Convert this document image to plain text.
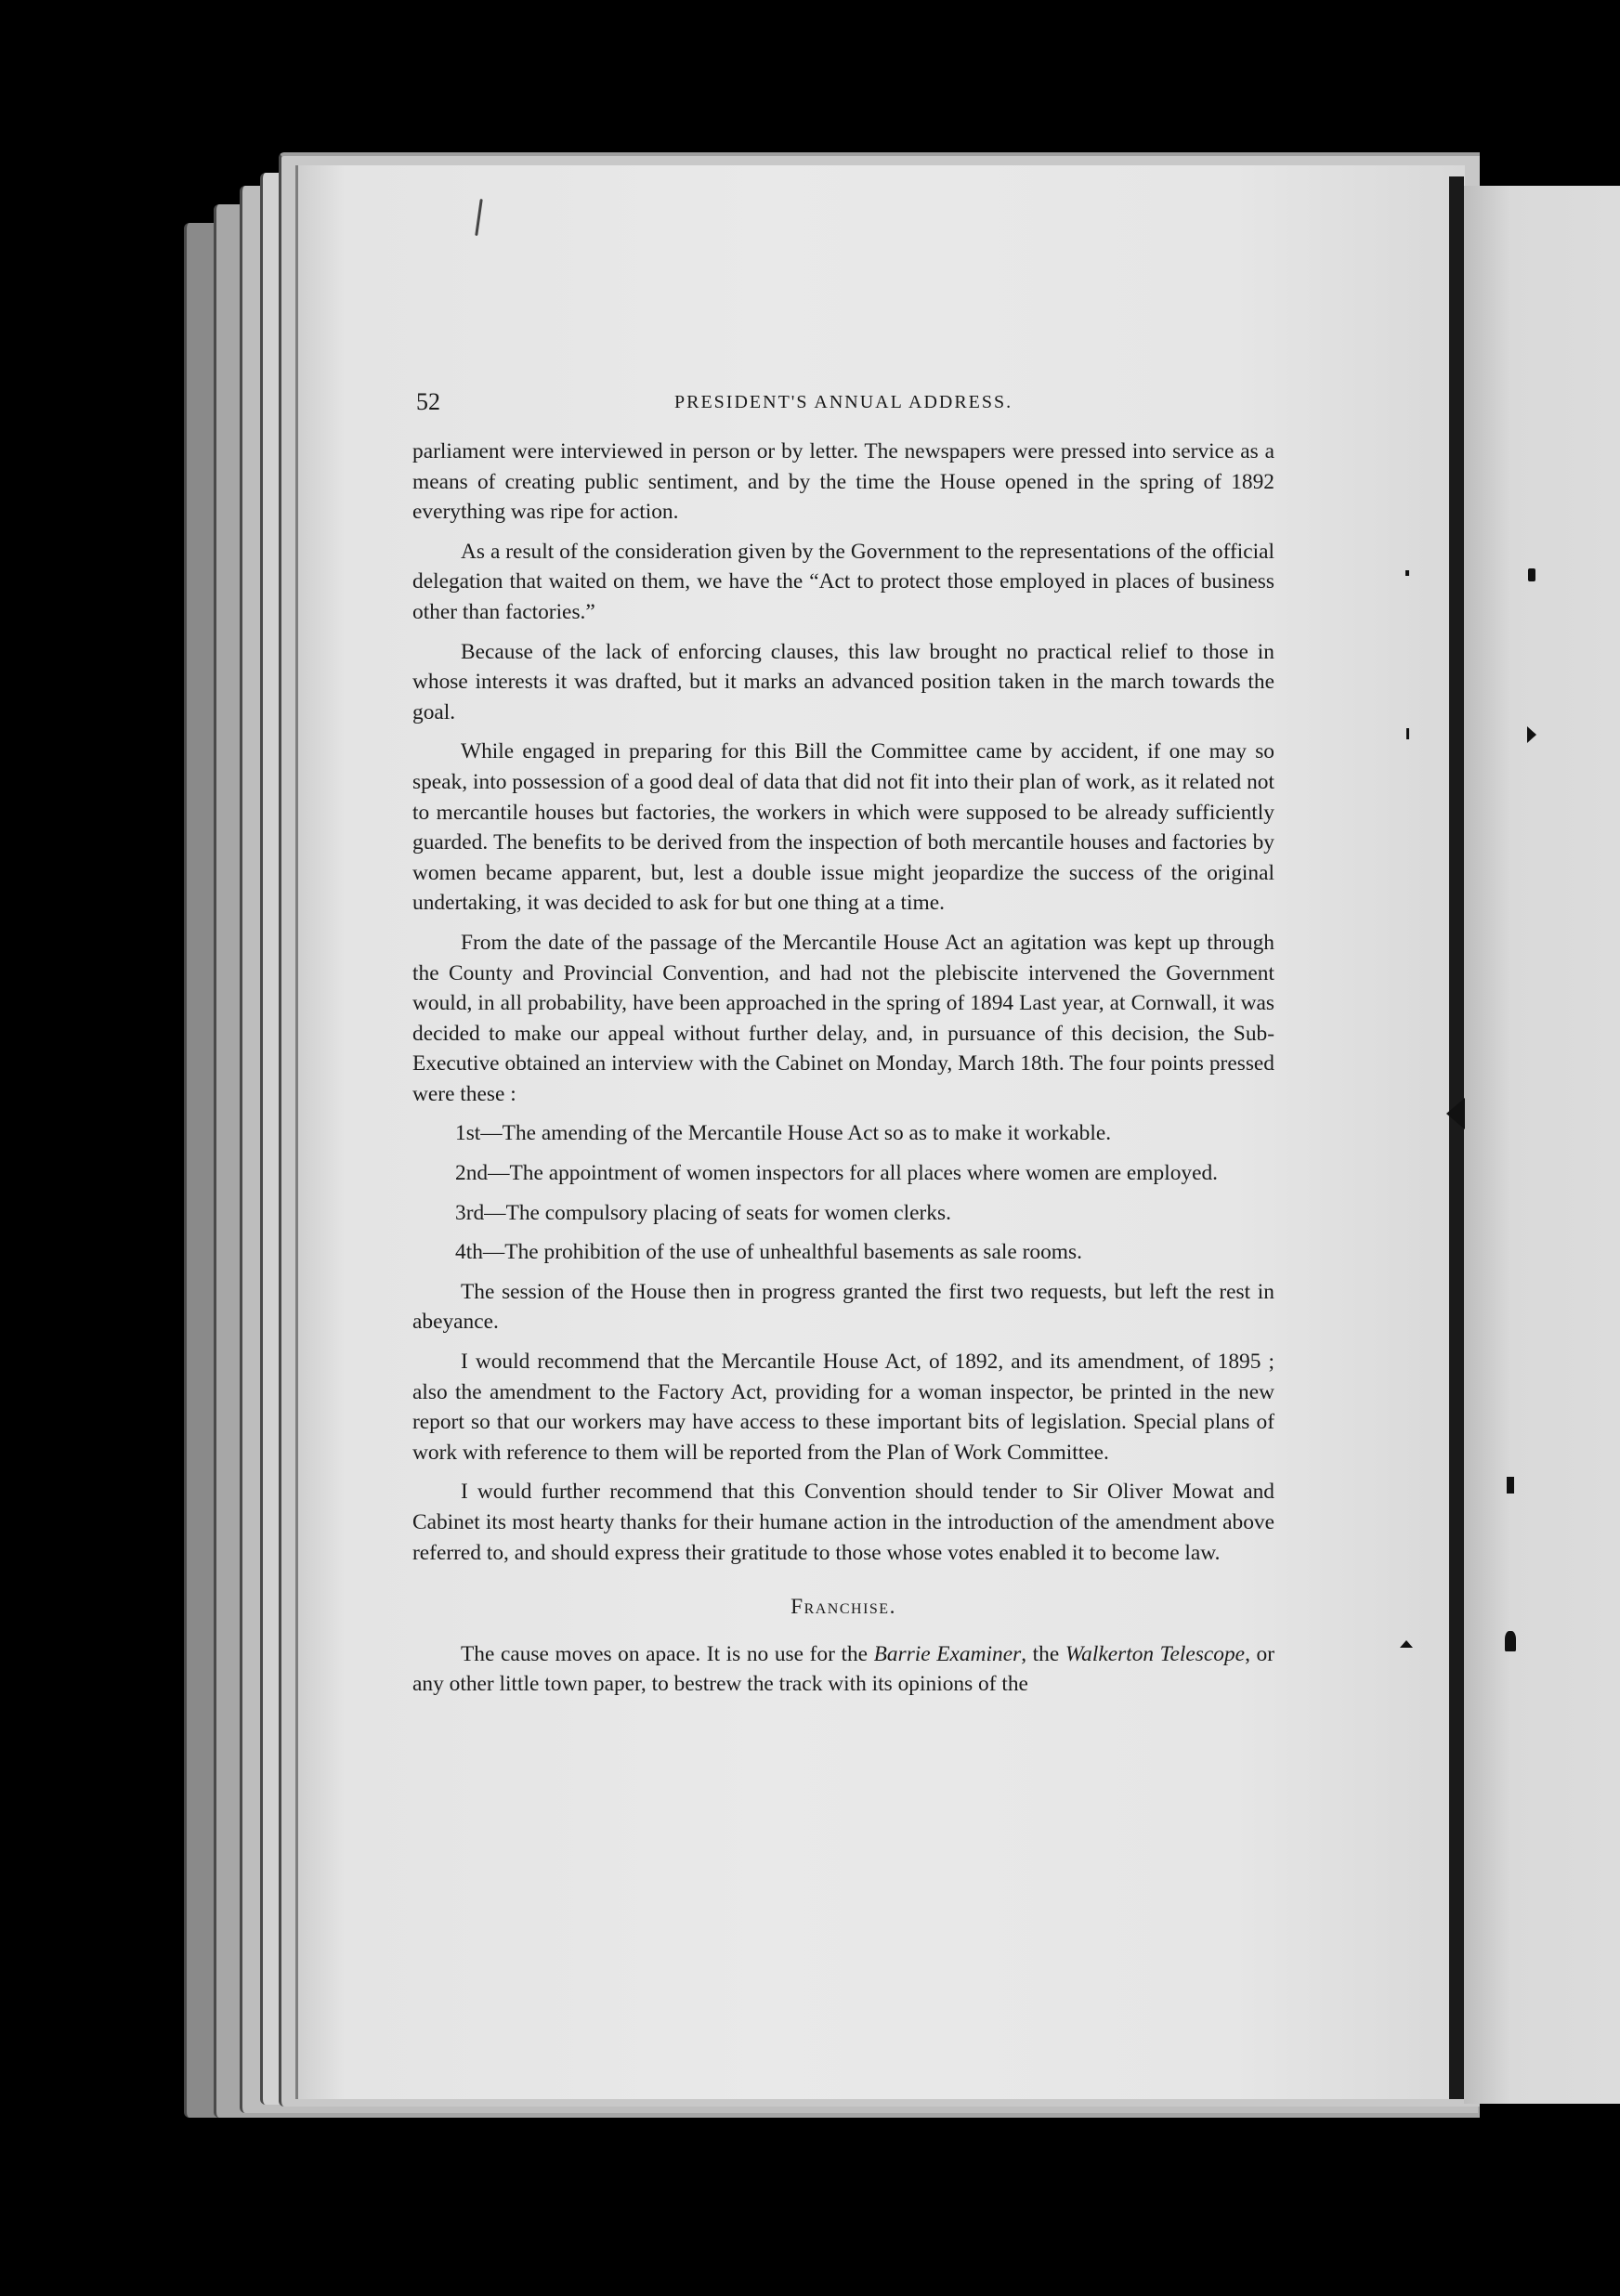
52	PRESIDENT'S ANNUAL ADDRESS.

parliament were interviewed in person or by letter. The newspapers were pressed into service as a means of creating public sentiment, and by the time the House opened in the spring of 1892 everything was ripe for action.

As a result of the consideration given by the Government to the representations of the official delegation that waited on them, we have the “Act to protect those employed in places of business other than factories.”

Because of the lack of enforcing clauses, this law brought no practical relief to those in whose interests it was drafted, but it marks an advanced position taken in the march towards the goal.

While engaged in preparing for this Bill the Committee came by accident, if one may so speak, into possession of a good deal of data that did not fit into their plan of work, as it related not to mercantile houses but factories, the workers in which were supposed to be already sufficiently guarded. The benefits to be derived from the inspection of both mercantile houses and factories by women became apparent, but, lest a double issue might jeopardize the success of the original undertaking, it was decided to ask for but one thing at a time.

From the date of the passage of the Mercantile House Act an agitation was kept up through the County and Provincial Convention, and had not the plebiscite intervened the Government would, in all probability, have been approached in the spring of 1894 Last year, at Cornwall, it was decided to make our appeal without further delay, and, in pursuance of this decision, the Sub-Executive obtained an interview with the Cabinet on Monday, March 18th. The four points pressed were these :

1st—The amending of the Mercantile House Act so as to make it workable.

2nd—The appointment of women inspectors for all places where women are employed.

3rd—The compulsory placing of seats for women clerks.

4th—The prohibition of the use of unhealthful basements as sale rooms.

The session of the House then in progress granted the first two requests, but left the rest in abeyance.

I would recommend that the Mercantile House Act, of 1892, and its amendment, of 1895 ; also the amendment to the Factory Act, providing for a woman inspector, be printed in the new report so that our workers may have access to these important bits of legislation. Special plans of work with reference to them will be reported from the Plan of Work Committee.

I would further recommend that this Convention should tender to Sir Oliver Mowat and Cabinet its most hearty thanks for their humane action in the introduction of the amendment above referred to, and should express their gratitude to those whose votes enabled it to become law.

Franchise.

The cause moves on apace. It is no use for the Barrie Examiner, the Walkerton Telescope, or any other little town paper, to bestrew the track with its opinions of the
